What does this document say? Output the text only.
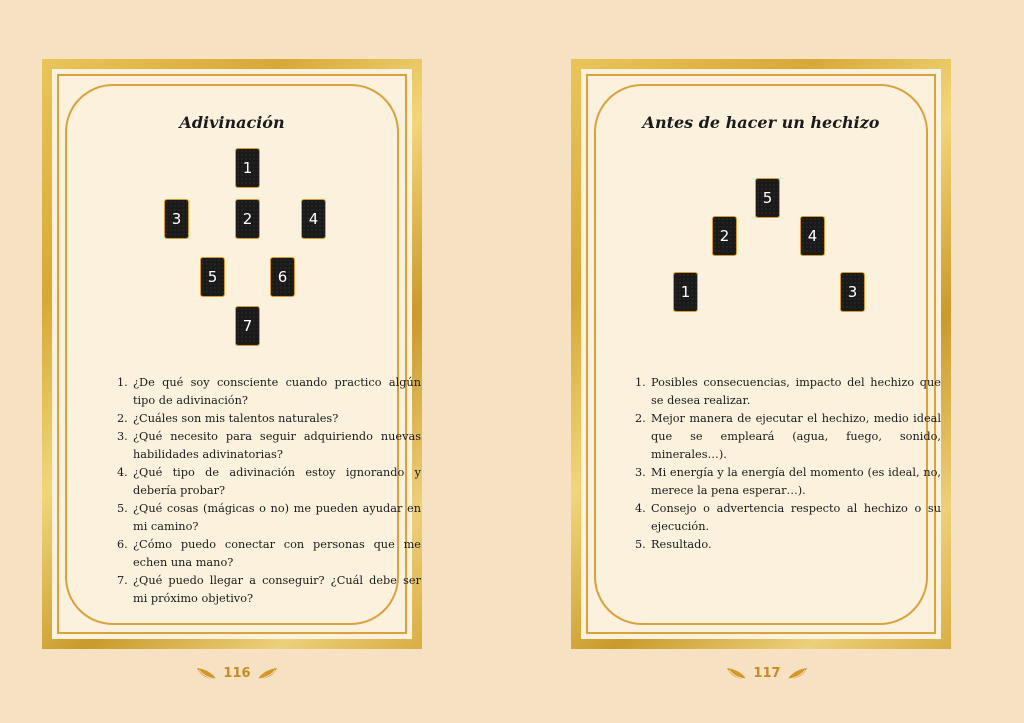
Adivinación
1
2
3	4
5	6
7
1. ¿De qué soy consciente cuando practico algún tipo de adivinación?
2. ¿Cuáles son mis talentos naturales?
3. ¿Qué necesito para seguir adquiriendo nuevas habilidades adivinatorias?
4. ¿Qué tipo de adivinación estoy ignorando y debería probar?
5. ¿Qué cosas (mágicas o no) me pueden ayudar en mi camino?
6. ¿Cómo puedo conectar con personas que me echen una mano?
7. ¿Qué puedo llegar a conseguir? ¿Cuál debe ser mi próximo objetivo?
Antes de hacer un hechizo
1
2
3
4
5
1. Posibles consecuencias, impacto del hechizo que se desea realizar.
2. Mejor manera de ejecutar el hechizo, medio ideal que se empleará (agua, fuego, sonido, minerales…).
3. Mi energía y la energía del momento (es ideal, no, merece la pena esperar…).
4. Consejo o advertencia respecto al hechizo o su ejecución.
5. Resultado.
116	117
